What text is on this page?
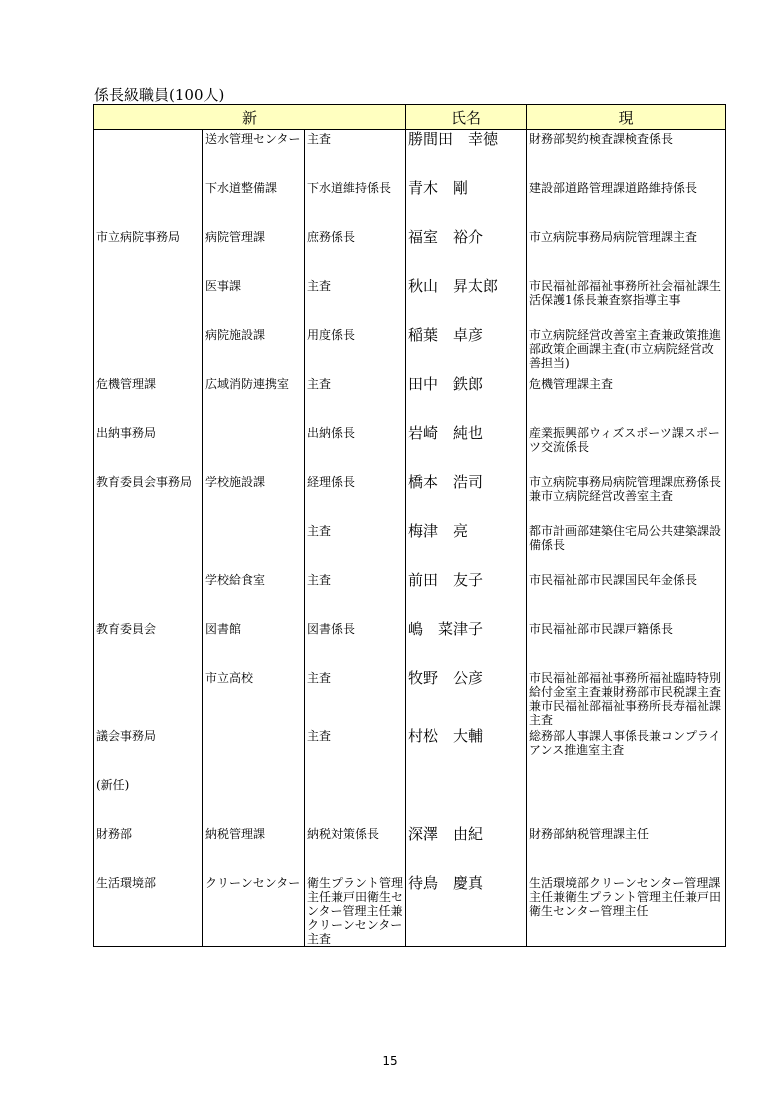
係長級職員(100人)
新			氏名	現
	送水管理センター	主査	勝間田　幸徳	財務部契約検査課検査係長
	下水道整備課	下水道維持係長	青木　剛	建設部道路管理課道路維持係長
市立病院事務局	病院管理課	庶務係長	福室　裕介	市立病院事務局病院管理課主査
	医事課	主査	秋山　昇太郎	市民福祉部福祉事務所社会福祉課生活保護1係長兼査察指導主事
	病院施設課	用度係長	稲葉　卓彦	市立病院経営改善室主査兼政策推進部政策企画課主査(市立病院経営改善担当)
危機管理課	広域消防連携室	主査	田中　鉄郎	危機管理課主査
出納事務局		出納係長	岩崎　純也	産業振興部ウィズスポーツ課スポーツ交流係長
教育委員会事務局	学校施設課	経理係長	橋本　浩司	市立病院事務局病院管理課庶務係長兼市立病院経営改善室主査
		主査	梅津　亮	都市計画部建築住宅局公共建築課設備係長
	学校給食室	主査	前田　友子	市民福祉部市民課国民年金係長
教育委員会	図書館	図書係長	嶋　菜津子	市民福祉部市民課戸籍係長
	市立高校	主査	牧野　公彦	市民福祉部福祉事務所福祉臨時特別給付金室主査兼財務部市民税課主査兼市民福祉部福祉事務所長寿福祉課主査
議会事務局		主査	村松　大輔	総務部人事課人事係長兼コンプライアンス推進室主査
(新任)				
財務部	納税管理課	納税対策係長	深澤　由紀	財務部納税管理課主任
生活環境部	クリーンセンター	衛生プラント管理主任兼戸田衛生センター管理主任兼クリーンセンター主査	待鳥　慶真	生活環境部クリーンセンター管理課主任兼衛生プラント管理主任兼戸田衛生センター管理主任
15
